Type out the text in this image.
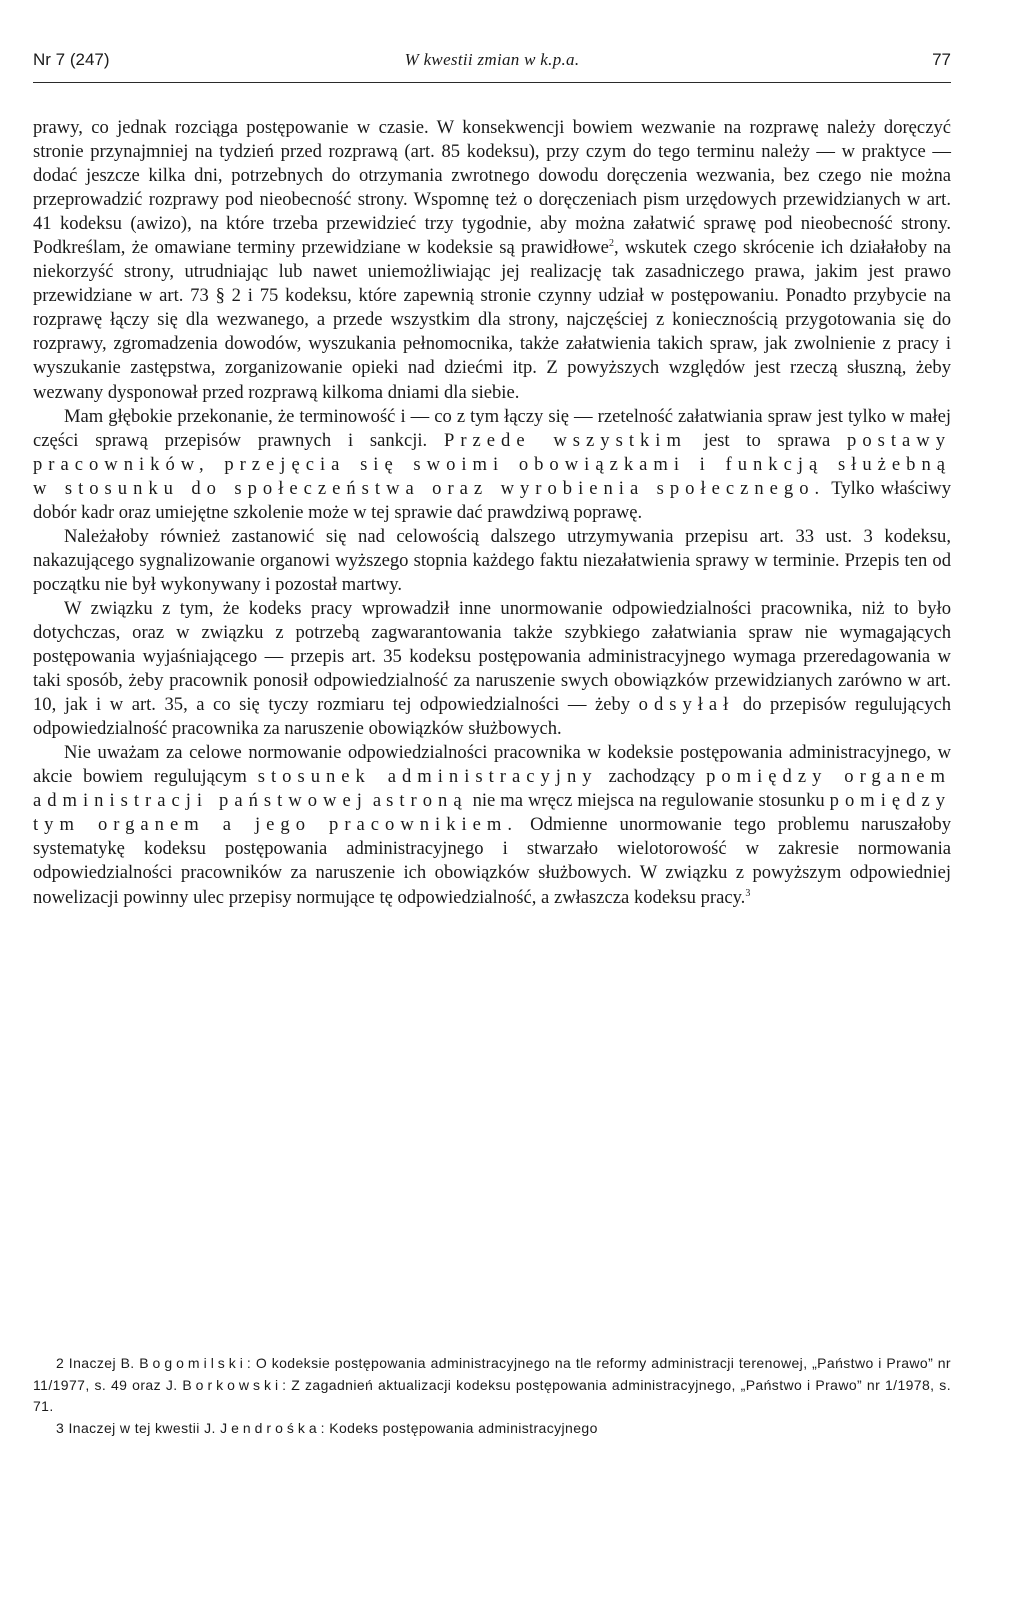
W kwestii zmian w k.p.a.
Nr 7 (247)	77

prawy, co jednak rozciąga postępowanie w czasie. W konsekwencji bowiem wezwanie na rozprawę należy doręczyć stronie przynajmniej na tydzień przed rozprawą (art. 85 kodeksu), przy czym do tego terminu należy — w praktyce — dodać jeszcze kilka dni, potrzebnych do otrzymania zwrotnego dowodu doręczenia wezwania, bez czego nie można przeprowadzić rozprawy pod nieobecność strony. Wspomnę też o doręczeniach pism urzędowych przewidzianych w art. 41 kodeksu (awizo), na które trzeba przewidzieć trzy tygodnie, aby można załatwić sprawę pod nieobecność strony. Podkreślam, że omawiane terminy przewidziane w kodeksie są prawidłowe$^2$, wskutek czego skrócenie ich działałoby na niekorzyść strony, utrudniając lub nawet uniemożliwiając jej realizację tak zasadniczego prawa, jakim jest prawo przewidziane w art. 73 § 2 i 75 kodeksu, które zapewnią stronie czynny udział w postępowaniu. Ponadto przybycie na rozprawę łączy się dla wezwanego, a przede wszystkim dla strony, najczęściej z koniecznością przygotowania się do rozprawy, zgromadzenia dowodów, wyszukania pełnomocnika, także załatwienia takich spraw, jak zwolnienie z pracy i wyszukanie zastępstwa, zorganizowanie opieki nad dziećmi itp. Z powyższych względów jest rzeczą słuszną, żeby wezwany dysponował przed rozprawą kilkoma dniami dla siebie.

Mam głębokie przekonanie, że terminowość i — co z tym łączy się — rzetelność załatwiania spraw jest tylko w małej części sprawą przepisów prawnych i sankcji. Przede wszystkim jest to sprawa postawy pracowników, przejęcia się swoimi obowiązkami i funkcją służebną w stosunku do społeczeństwa oraz wyrobienia społecznego. Tylko właściwy dobór kadr oraz umiejętne szkolenie może w tej sprawie dać prawdziwą poprawę.

Należałoby również zastanowić się nad celowością dalszego utrzymywania przepisu art. 33 ust. 3 kodeksu, nakazującego sygnalizowanie organowi wyższego stopnia każdego faktu niezałatwienia sprawy w terminie. Przepis ten od początku nie był wykonywany i pozostał martwy.

W związku z tym, że kodeks pracy wprowadził inne unormowanie odpowiedzialności pracownika, niż to było dotychczas, oraz w związku z potrzebą zagwarantowania także szybkiego załatwiania spraw nie wymagających postępowania wyjaśniającego — przepis art. 35 kodeksu postępowania administracyjnego wymaga przeredagowania w taki sposób, żeby pracownik ponosił odpowiedzialność za naruszenie swych obowiązków przewidzianych zarówno w art. 10, jak i w art. 35, a co się tyczy rozmiaru tej odpowiedzialności — żeby odsyłał do przepisów regulujących odpowiedzialność pracownika za naruszenie obowiązków służbowych.

Nie uważam za celowe normowanie odpowiedzialności pracownika w kodeksie postępowania administracyjnego, w akcie bowiem regulującym stosunek administracyjny zachodzący pomiędzy organem administracji państwowej a stroną nie ma wręcz miejsca na regulowanie stosunku pomiędzy tym organem a jego pracownikiem. Odmienne unormowanie tego problemu naruszałoby systematykę kodeksu postępowania administracyjnego i stwarzało wielotorowość w zakresie normowania odpowiedzialności pracowników za naruszenie ich obowiązków służbowych. W związku z powyższym odpowiedniej nowelizacji powinny ulec przepisy normujące tę odpowiedzialność, a zwłaszcza kodeksu pracy.$^3$

2 Inaczej B. Bogomilski: O kodeksie postępowania administracyjnego na tle reformy administracji terenowej, „Państwo i Prawo” nr 11/1977, s. 49 oraz J. Borkowski: Z zagadnień aktualizacji kodeksu postępowania administracyjnego, „Państwo i Prawo” nr 1/1978, s. 71.

3 Inaczej w tej kwestii J. Jendrośka: Kodeks postępowania administracyjnego
